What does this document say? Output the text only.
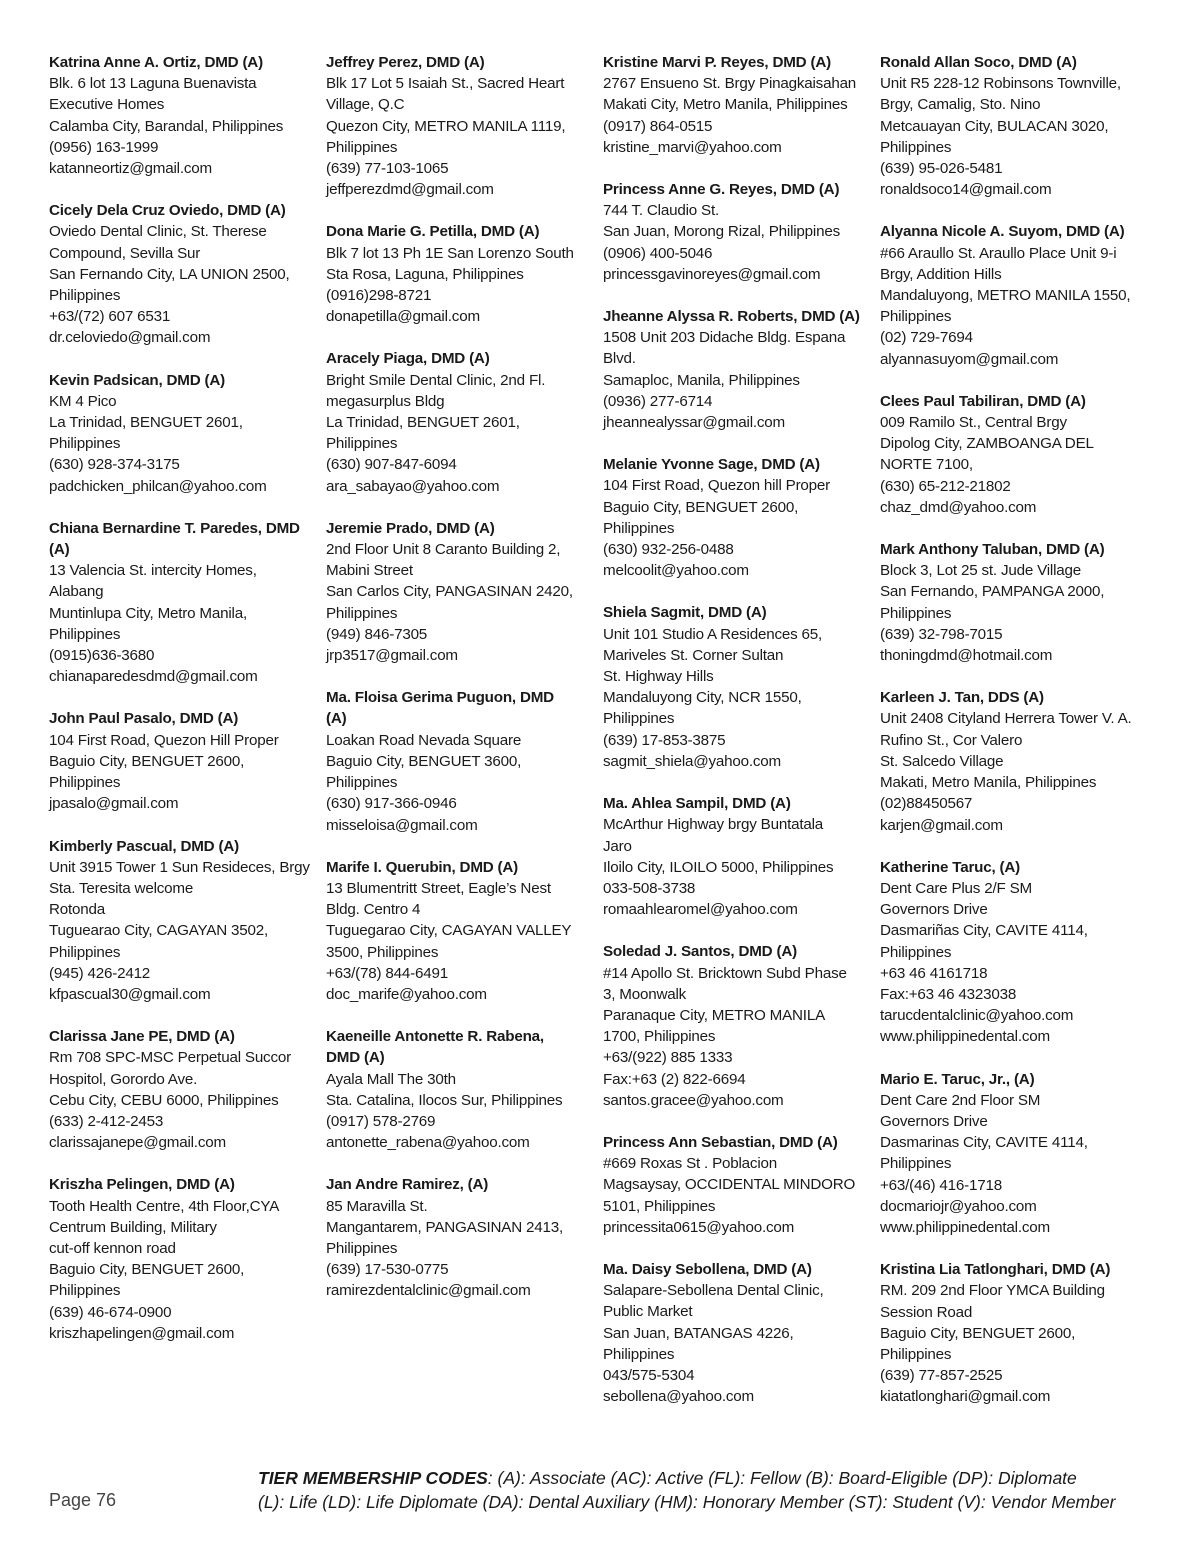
Katrina Anne A. Ortiz, DMD (A)
Blk. 6 lot 13 Laguna Buenavista
Executive Homes
Calamba City, Barandal, Philippines
(0956) 163-1999
katanneortiz@gmail.com
Cicely Dela Cruz Oviedo, DMD (A)
Oviedo Dental Clinic, St. Therese
Compound, Sevilla Sur
San Fernando City, LA UNION 2500,
Philippines
+63/(72) 607 6531
dr.celoviedo@gmail.com
Kevin Padsican, DMD (A)
KM 4 Pico
La Trinidad, BENGUET 2601,
Philippines
(630) 928-374-3175
padchicken_philcan@yahoo.com
Chiana Bernardine T. Paredes, DMD
(A)
13 Valencia St. intercity Homes,
Alabang
Muntinlupa City, Metro Manila,
Philippines
(0915)636-3680
chianaparedesdmd@gmail.com
John Paul Pasalo, DMD (A)
104 First Road, Quezon Hill Proper
Baguio City, BENGUET 2600,
Philippines
jpasalo@gmail.com
Kimberly Pascual, DMD (A)
Unit 3915 Tower 1 Sun Resideces, Brgy
Sta. Teresita welcome
Rotonda
Tuguearao City, CAGAYAN 3502,
Philippines
(945) 426-2412
kfpascual30@gmail.com
Clarissa Jane PE, DMD (A)
Rm 708 SPC-MSC Perpetual Succor
Hospitol, Gorordo Ave.
Cebu City, CEBU 6000, Philippines
(633) 2-412-2453
clarissajanepe@gmail.com
Kriszha Pelingen, DMD (A)
Tooth Health Centre, 4th Floor,CYA
Centrum Building, Military
cut-off kennon road
Baguio City, BENGUET 2600,
Philippines
(639) 46-674-0900
kriszhapelingen@gmail.com
Jeffrey Perez, DMD (A)
Blk 17 Lot 5 Isaiah St., Sacred Heart
Village, Q.C
Quezon City, METRO MANILA 1119,
Philippines
(639) 77-103-1065
jeffperezdmd@gmail.com
Dona Marie G. Petilla, DMD (A)
Blk 7 lot 13 Ph 1E San Lorenzo South
Sta Rosa, Laguna, Philippines
(0916)298-8721
donapetilla@gmail.com
Aracely Piaga, DMD (A)
Bright Smile Dental Clinic, 2nd Fl.
megasurplus Bldg
La Trinidad, BENGUET 2601,
Philippines
(630) 907-847-6094
ara_sabayao@yahoo.com
Jeremie Prado, DMD (A)
2nd Floor Unit 8 Caranto Building 2,
Mabini Street
San Carlos City, PANGASINAN 2420,
Philippines
(949) 846-7305
jrp3517@gmail.com
Ma. Floisa Gerima Puguon, DMD
(A)
Loakan Road Nevada Square
Baguio City, BENGUET 3600,
Philippines
(630) 917-366-0946
misseloisa@gmail.com
Marife I. Querubin, DMD (A)
13 Blumentritt Street, Eagle’s Nest
Bldg. Centro 4
Tuguegarao City, CAGAYAN VALLEY
3500, Philippines
+63/(78) 844-6491
doc_marife@yahoo.com
Kaeneille Antonette R. Rabena,
DMD (A)
Ayala Mall The 30th
Sta. Catalina, Ilocos Sur, Philippines
(0917) 578-2769
antonette_rabena@yahoo.com
Jan Andre Ramirez, (A)
85 Maravilla St.
Mangantarem, PANGASINAN 2413,
Philippines
(639) 17-530-0775
ramirezdentalclinic@gmail.com
Kristine Marvi P. Reyes, DMD (A)
2767 Ensueno St. Brgy Pinagkaisahan
Makati City, Metro Manila, Philippines
(0917) 864-0515
kristine_marvi@yahoo.com
Princess Anne G. Reyes, DMD (A)
744 T. Claudio St.
San Juan, Morong Rizal, Philippines
(0906) 400-5046
princessgavinoreyes@gmail.com
Jheanne Alyssa R. Roberts, DMD (A)
1508 Unit 203 Didache Bldg. Espana
Blvd.
Samaploc, Manila, Philippines
(0936) 277-6714
jheannealyssar@gmail.com
Melanie Yvonne Sage, DMD (A)
104 First Road, Quezon hill Proper
Baguio City, BENGUET 2600,
Philippines
(630) 932-256-0488
melcoolit@yahoo.com
Shiela Sagmit, DMD (A)
Unit 101 Studio A Residences 65,
Mariveles St. Corner Sultan
St. Highway Hills
Mandaluyong City, NCR 1550,
Philippines
(639) 17-853-3875
sagmit_shiela@yahoo.com
Ma. Ahlea Sampil, DMD (A)
McArthur Highway brgy Buntatala
Jaro
Iloilo City, ILOILO 5000, Philippines
033-508-3738
romaahlearomel@yahoo.com
Soledad J. Santos, DMD (A)
#14 Apollo St. Bricktown Subd Phase
3, Moonwalk
Paranaque City, METRO MANILA
1700, Philippines
+63/(922) 885 1333
Fax:+63 (2) 822-6694
santos.gracee@yahoo.com
Princess Ann Sebastian, DMD (A)
#669 Roxas St . Poblacion
Magsaysay, OCCIDENTAL MINDORO
5101, Philippines
princessita0615@yahoo.com
Ma. Daisy Sebollena, DMD (A)
Salapare-Sebollena Dental Clinic,
Public Market
San Juan, BATANGAS 4226,
Philippines
043/575-5304
sebollena@yahoo.com
Ronald Allan Soco, DMD (A)
Unit R5 228-12 Robinsons Townville,
Brgy, Camalig, Sto. Nino
Metcauayan City, BULACAN 3020,
Philippines
(639) 95-026-5481
ronaldsoco14@gmail.com
Alyanna Nicole A. Suyom, DMD (A)
#66 Araullo St. Araullo Place Unit 9-i
Brgy, Addition Hills
Mandaluyong, METRO MANILA 1550,
Philippines
(02) 729-7694
alyannasuyom@gmail.com
Clees Paul Tabiliran, DMD (A)
009 Ramilo St., Central Brgy
Dipolog City, ZAMBOANGA DEL
NORTE 7100,
(630) 65-212-21802
chaz_dmd@yahoo.com
Mark Anthony Taluban, DMD (A)
Block 3, Lot 25 st. Jude Village
San Fernando, PAMPANGA 2000,
Philippines
(639) 32-798-7015
thoningdmd@hotmail.com
Karleen J. Tan, DDS (A)
Unit 2408 Cityland Herrera Tower V. A.
Rufino St., Cor Valero
St. Salcedo Village
Makati, Metro Manila, Philippines
(02)88450567
karjen@gmail.com
Katherine Taruc, (A)
Dent Care Plus 2/F SM
Governors Drive
Dasmariñas City, CAVITE 4114,
Philippines
+63 46 4161718
Fax:+63 46 4323038
tarucdentalclinic@yahoo.com
www.philippinedental.com
Mario E. Taruc, Jr., (A)
Dent Care 2nd Floor SM
Governors Drive
Dasmarinas City, CAVITE 4114,
Philippines
+63/(46) 416-1718
docmariojr@yahoo.com
www.philippinedental.com
Kristina Lia Tatlonghari, DMD (A)
RM. 209 2nd Floor YMCA Building
Session Road
Baguio City, BENGUET 2600,
Philippines
(639) 77-857-2525
kiatatlonghari@gmail.com
Page 76
TIER MEMBERSHIP CODES: (A): Associate (AC): Active (FL): Fellow (B): Board-Eligible (DP): Diplomate
(L): Life (LD): Life Diplomate (DA): Dental Auxiliary (HM): Honorary Member (ST): Student (V): Vendor Member
